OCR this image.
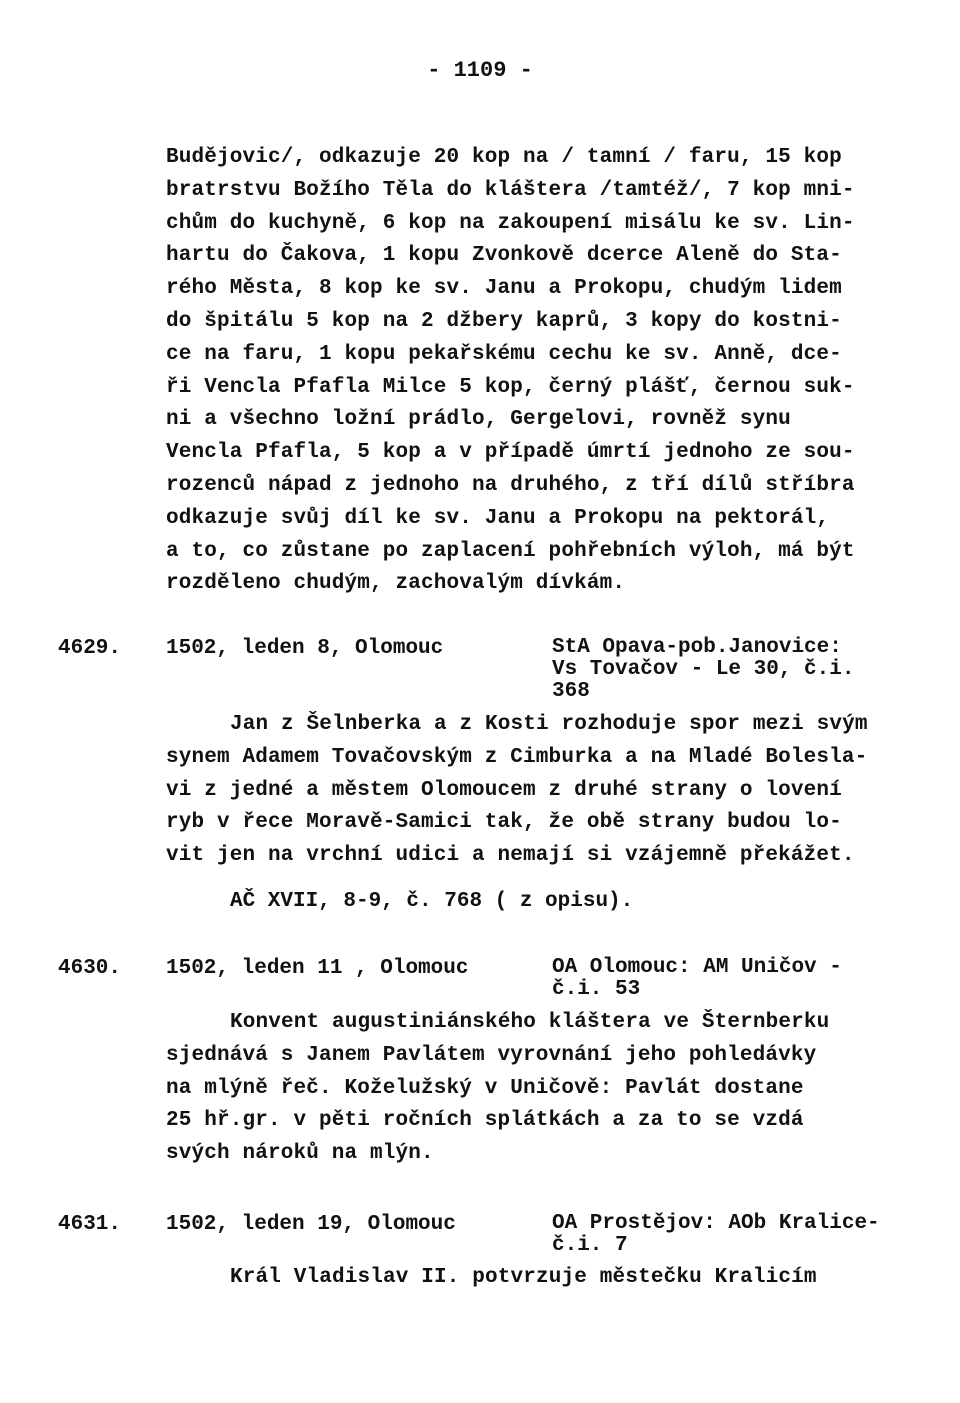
- 1109 -
Budějovic/, odkazuje 20 kop na / tamní / faru, 15 kop
bratrstvu Božího Těla do kláštera /tamtéž/, 7 kop mni-
chům do kuchyně, 6 kop na zakoupení misálu ke sv. Lin-
hartu do Čakova, 1 kopu Zvonkově dcerce Aleně do Sta-
rého Města, 8 kop ke sv. Janu a Prokopu, chudým lidem
do špitálu 5 kop na 2 džbery kaprů, 3 kopy do kostni-
ce na faru, 1 kopu pekařskému cechu ke sv. Anně, dce-
ři Vencla Pfafla Milce 5 kop, černý plášť, černou suk-
ni a všechno ložní prádlo, Gergelovi, rovněž synu
Vencla Pfafla, 5 kop a v případě úmrtí jednoho ze sou-
rozenců nápad z jednoho na druhého, z tří dílů stříbra
odkazuje svůj díl ke sv. Janu a Prokopu na pektorál,
a to, co zůstane po zaplacení pohřebních výloh, má být
rozděleno chudým, zachovalým dívkám.
4629. 1502, leden 8, Olomouc	StA Opava-pob.Janovice:
Vs Tovačov - Le 30, č.i.
368
Jan z Šelnberka a z Kosti rozhoduje spor mezi svým
synem Adamem Tovačovským z Cimburka a na Mladé Bolesla-
vi z jedné a městem Olomoucem z druhé strany o lovení
ryb v řece Moravě-Samici tak, že obě strany budou lo-
vit jen na vrchní udici a nemají si vzájemně překážet.
AČ XVII, 8-9, č. 768 ( z opisu).
4630. 1502, leden 11 , Olomouc	OA Olomouc: AM Uničov -
č.i. 53
Konvent augustiniánského kláštera ve Šternberku
sjednává s Janem Pavlátem vyrovnání jeho pohledávky
na mlýně řeč. Koželužský v Uničově: Pavlát dostane
25 hř.gr. v pěti ročních splátkách a za to se vzdá
svých nároků na mlýn.
4631. 1502, leden 19, Olomouc	OA Prostějov: AOb Kralice-
č.i. 7
Král Vladislav II. potvrzuje městečku Kralicím
